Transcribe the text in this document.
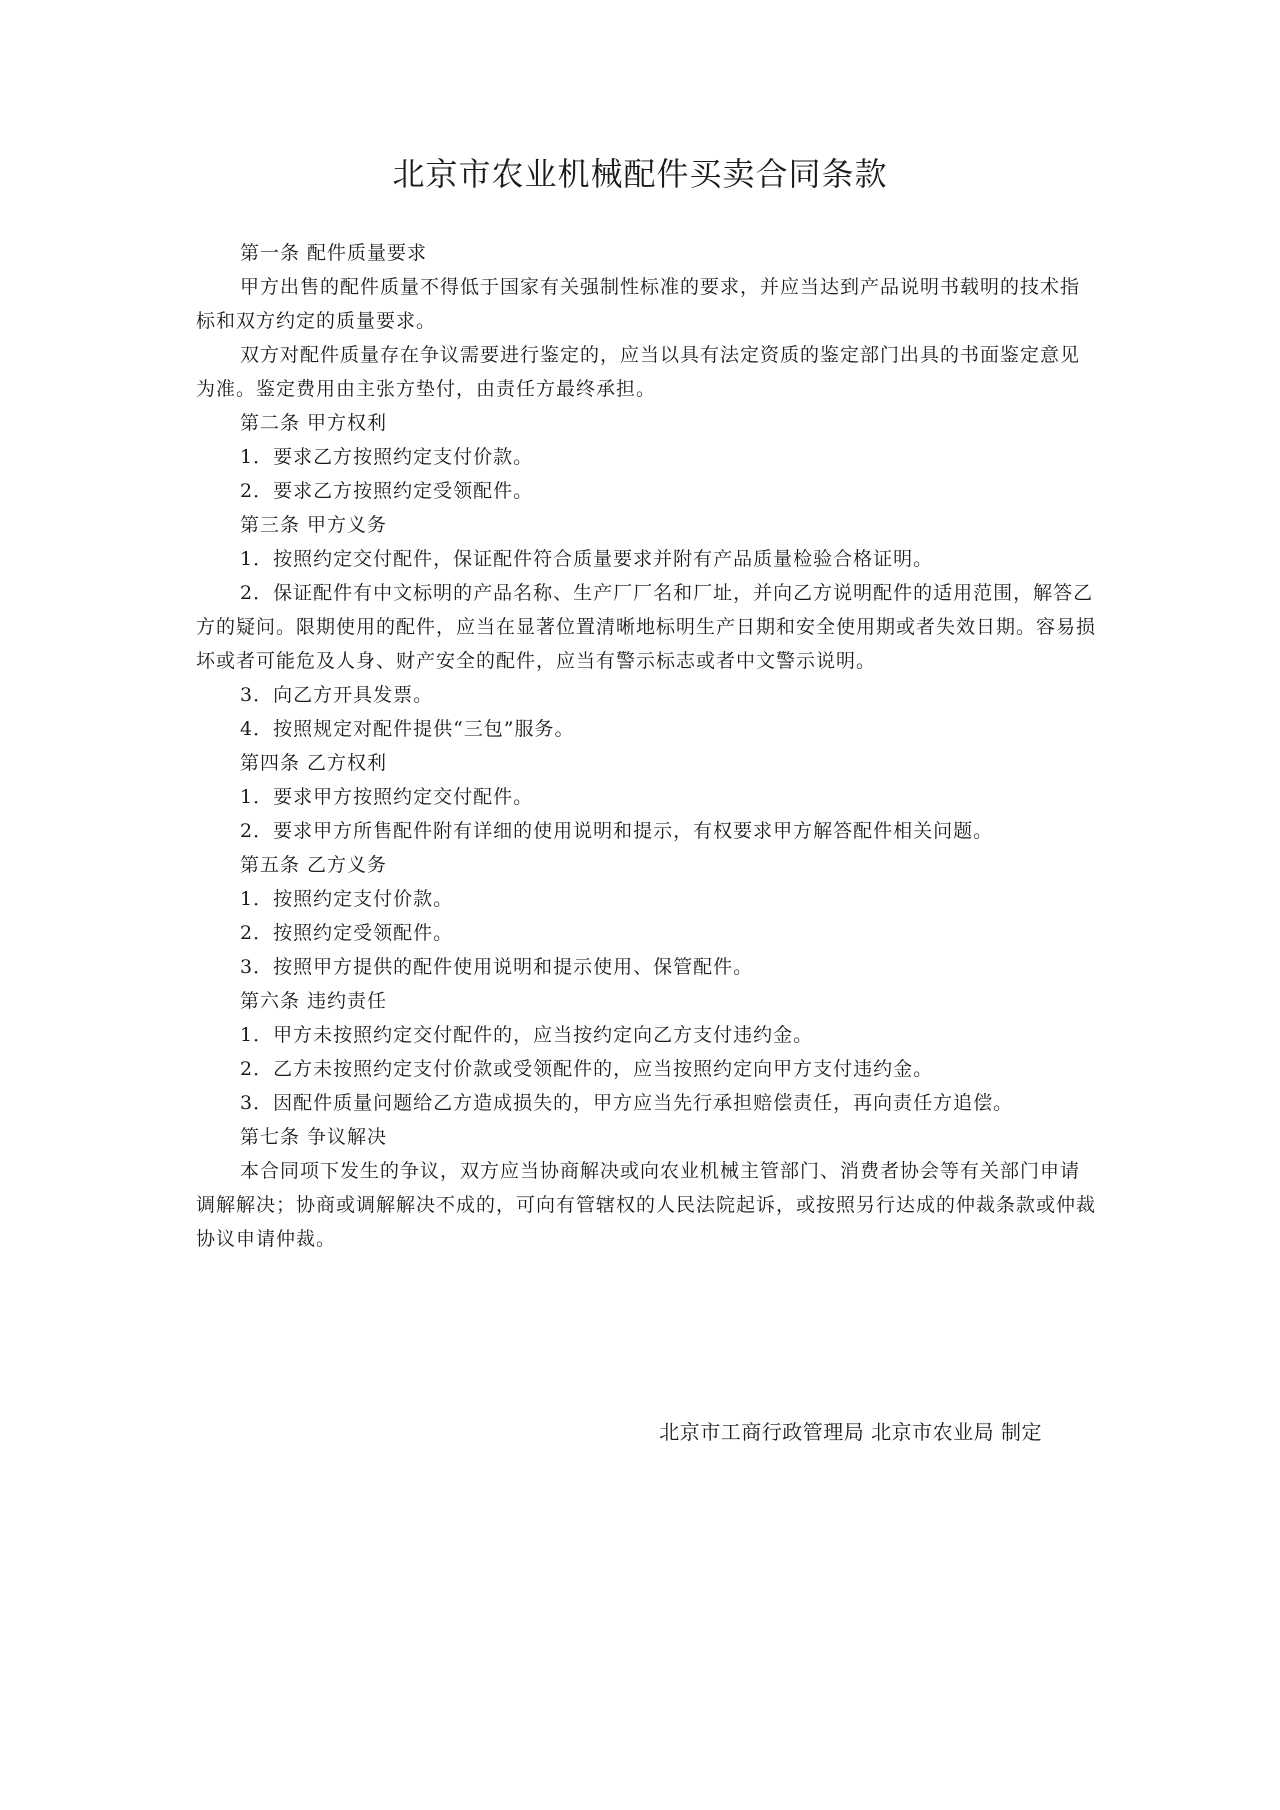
北京市农业机械配件买卖合同条款

第一条 配件质量要求

甲方出售的配件质量不得低于国家有关强制性标准的要求，并应当达到产品说明书载明的技术指标和双方约定的质量要求。

双方对配件质量存在争议需要进行鉴定的，应当以具有法定资质的鉴定部门出具的书面鉴定意见为准。鉴定费用由主张方垫付，由责任方最终承担。

第二条 甲方权利

1．要求乙方按照约定支付价款。

2．要求乙方按照约定受领配件。

第三条 甲方义务

1．按照约定交付配件，保证配件符合质量要求并附有产品质量检验合格证明。

2．保证配件有中文标明的产品名称、生产厂厂名和厂址，并向乙方说明配件的适用范围，解答乙方的疑问。限期使用的配件，应当在显著位置清晰地标明生产日期和安全使用期或者失效日期。容易损坏或者可能危及人身、财产安全的配件，应当有警示标志或者中文警示说明。

3．向乙方开具发票。

4．按照规定对配件提供“三包”服务。

第四条 乙方权利

1．要求甲方按照约定交付配件。

2．要求甲方所售配件附有详细的使用说明和提示，有权要求甲方解答配件相关问题。

第五条 乙方义务

1．按照约定支付价款。

2．按照约定受领配件。

3．按照甲方提供的配件使用说明和提示使用、保管配件。

第六条 违约责任

1．甲方未按照约定交付配件的，应当按约定向乙方支付违约金。

2．乙方未按照约定支付价款或受领配件的，应当按照约定向甲方支付违约金。

3．因配件质量问题给乙方造成损失的，甲方应当先行承担赔偿责任，再向责任方追偿。

第七条 争议解决

本合同项下发生的争议，双方应当协商解决或向农业机械主管部门、消费者协会等有关部门申请调解解决；协商或调解解决不成的，可向有管辖权的人民法院起诉，或按照另行达成的仲裁条款或仲裁协议申请仲裁。

北京市工商行政管理局 北京市农业局 制定
